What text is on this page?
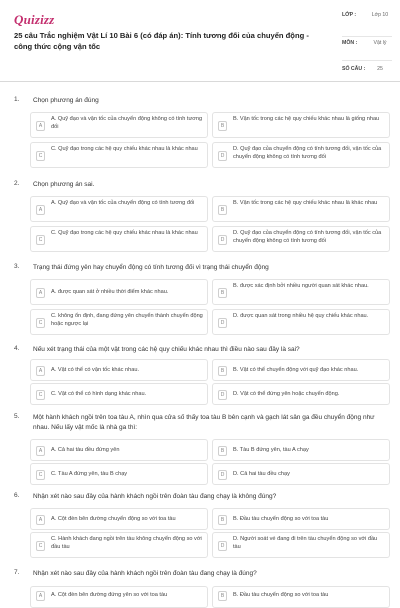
Quizizz
25 câu Trắc nghiệm Vật Lí 10 Bài 6 (có đáp án): Tính tương đối của chuyển động - công thức cộng vận tốc
LỚP :	Lớp 10
MÔN :	Vật lý
SỐ CÂU :	25
1. Chọn phương án đúng
A
A. Quỹ đạo và vận tốc của chuyển động không có tính tương đối	B
B. Vận tốc trong các hệ quy chiếu khác nhau là giống nhau
C
C. Quỹ đạo trong các hệ quy chiếu khác nhau là khác nhau
D
D. Quỹ đạo của chuyển động có tính tương đối, vận tốc của chuyển động không có tính tương đối
2. Chọn phương án sai.
A
A. Quỹ đạo và vận tốc của chuyển động có tính tương đối
B
B. Vận tốc trong các hệ quy chiếu khác nhau là khác nhau
C
C. Quỹ đạo trong các hệ quy chiếu khác nhau là khác nhau
D
D. Quỹ đạo của chuyển động có tính tương đối, vận tốc của chuyển động không có tính tương đối
3. Trạng thái đứng yên hay chuyển động có tính tương đối vì trạng thái chuyển động
A	A. được quan sát ở nhiều thời điểm khác nhau.	B
B. được xác định bởi nhiều người quan sát khác nhau.
C
C. không ổn định, đang đứng yên chuyển thành chuyển động hoặc ngược lại	D
D. được quan sát trong nhiều hệ quy chiếu khác nhau.
4. Nếu xét trạng thái của một vật trong các hệ quy chiếu khác nhau thì điều nào sau đây là sai?
A	A. Vật có thể có vận tốc khác nhau.	B	B. Vật có thể chuyển động với quỹ đạo khác nhau.
C	C. Vật có thể có hình dạng khác nhau.	D	D. Vật có thể đứng yên hoặc chuyển động.
5. Một hành khách ngồi trên toa tàu A, nhìn qua cửa số thấy toa tàu B bên cạnh và gạch lát sân ga đều chuyển động như nhau. Nếu lấy vật mốc là nhà ga thì:
A	A. Cả hai tàu đều đứng yên	B	B. Tàu B đứng yên, tàu A chạy
C	C. Tàu A đứng yên, tàu B chạy	D	D. Cả hai tàu đều chạy
6. Nhận xét nào sau đây của hành khách ngồi trên đoàn tàu đang chạy là không đúng?
A	A. Cột đèn bên đường chuyển động so với toa tàu	B	B. Đầu tàu chuyển động so với toa tàu
C
C. Hành khách đang ngồi trên tàu không chuyển động so với đầu tàu	D
D. Người soát vé đang đi trên tàu chuyển động so với đầu tàu
7. Nhận xét nào sau đây của hành khách ngồi trên đoàn tàu đang chạy là đúng?
A	A. Cột đèn bên đường đứng yên so với toa tàu	B	B. Đầu tàu chuyển động so với toa tàu
